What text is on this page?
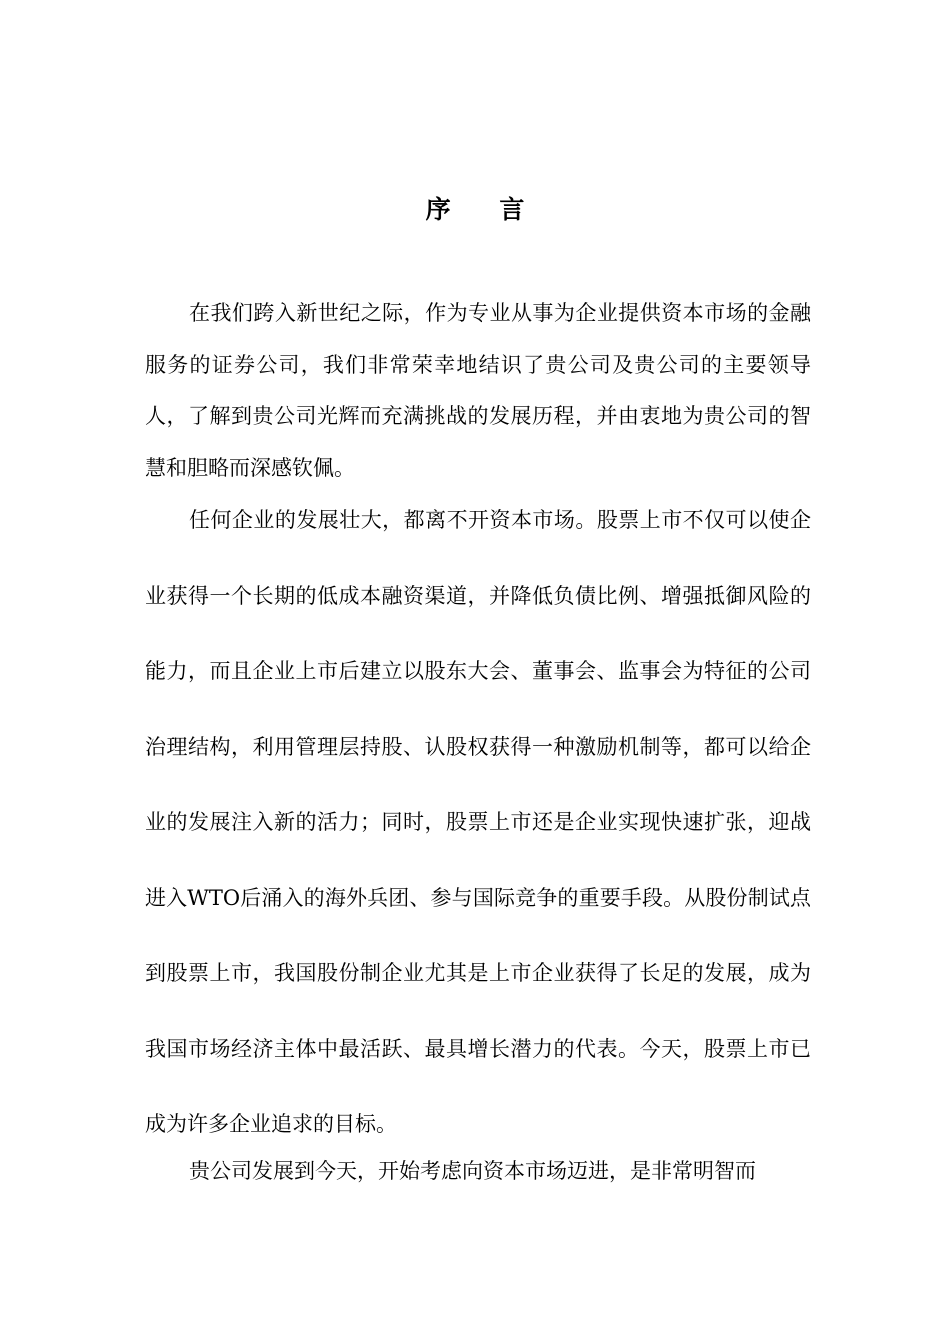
序 言

在我们跨入新世纪之际，作为专业从事为企业提供资本市场的金融服务的证券公司，我们非常荣幸地结识了贵公司及贵公司的主要领导人，了解到贵公司光辉而充满挑战的发展历程，并由衷地为贵公司的智慧和胆略而深感钦佩。

任何企业的发展壮大，都离不开资本市场。股票上市不仅可以使企业获得一个长期的低成本融资渠道，并降低负债比例、增强抵御风险的能力，而且企业上市后建立以股东大会、董事会、监事会为特征的公司治理结构，利用管理层持股、认股权获得一种激励机制等，都可以给企业的发展注入新的活力；同时，股票上市还是企业实现快速扩张，迎战进入WTO后涌入的海外兵团、参与国际竞争的重要手段。从股份制试点到股票上市，我国股份制企业尤其是上市企业获得了长足的发展，成为我国市场经济主体中最活跃、最具增长潜力的代表。今天，股票上市已成为许多企业追求的目标。

贵公司发展到今天，开始考虑向资本市场迈进，是非常明智而
